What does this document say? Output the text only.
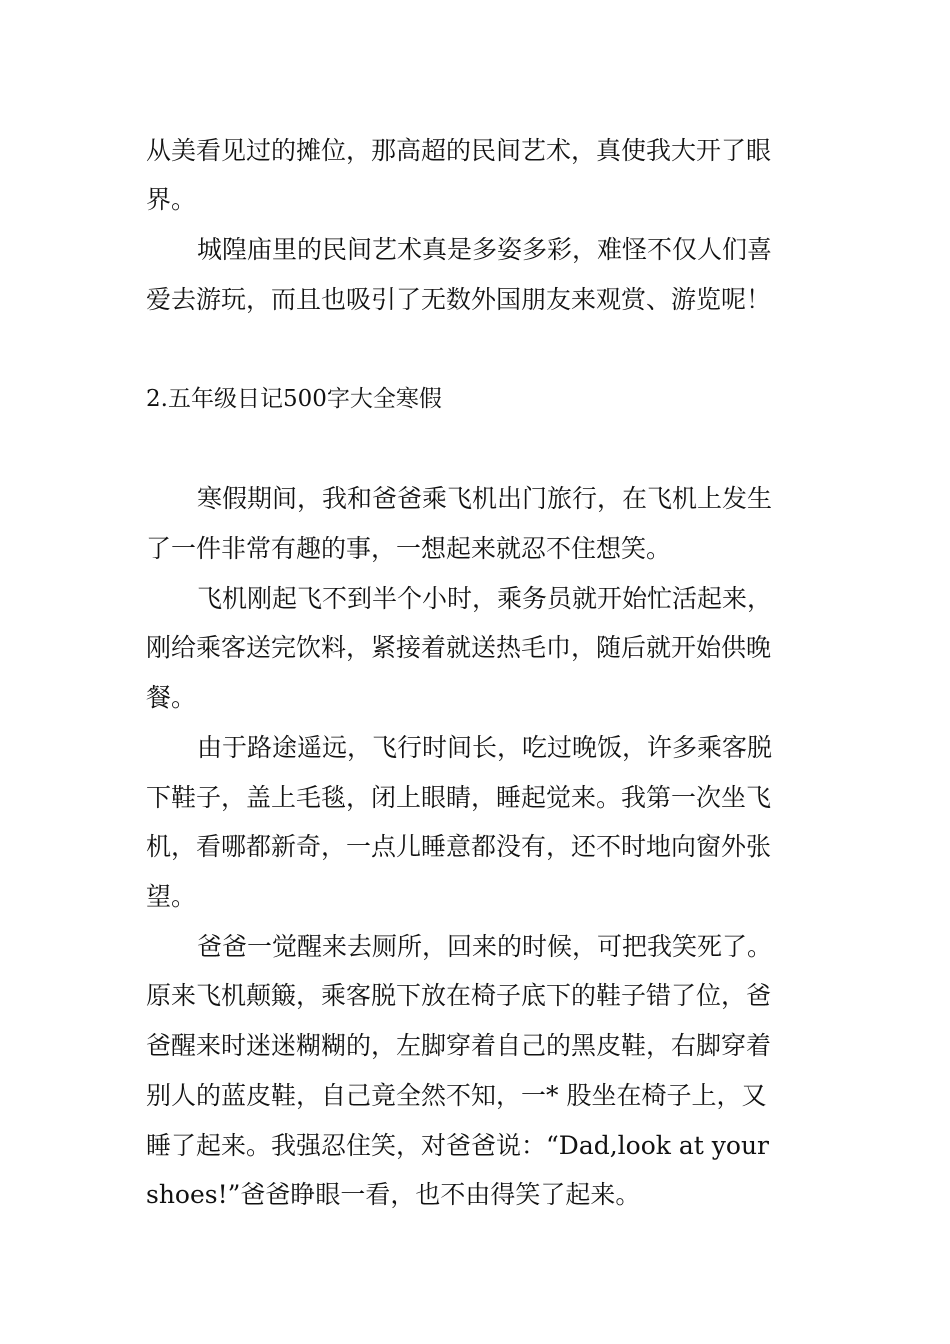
从美看见过的摊位，那高超的民间艺术，真使我大开了眼
界。
城隍庙里的民间艺术真是多姿多彩，难怪不仅人们喜
爱去游玩，而且也吸引了无数外国朋友来观赏、游览呢！
2.五年级日记500字大全寒假
寒假期间，我和爸爸乘飞机出门旅行，在飞机上发生
了一件非常有趣的事，一想起来就忍不住想笑。
飞机刚起飞不到半个小时，乘务员就开始忙活起来，
刚给乘客送完饮料，紧接着就送热毛巾，随后就开始供晚
餐。
由于路途遥远，飞行时间长，吃过晚饭，许多乘客脱
下鞋子，盖上毛毯，闭上眼睛，睡起觉来。我第一次坐飞
机，看哪都新奇，一点儿睡意都没有，还不时地向窗外张
望。
爸爸一觉醒来去厕所，回来的时候，可把我笑死了。
原来飞机颠簸，乘客脱下放在椅子底下的鞋子错了位，爸
爸醒来时迷迷糊糊的，左脚穿着自己的黑皮鞋，右脚穿着
别人的蓝皮鞋，自己竟全然不知，一* 股坐在椅子上，又
睡了起来。我强忍住笑，对爸爸说：“Dad,look at your
shoes!”爸爸睁眼一看，也不由得笑了起来。
